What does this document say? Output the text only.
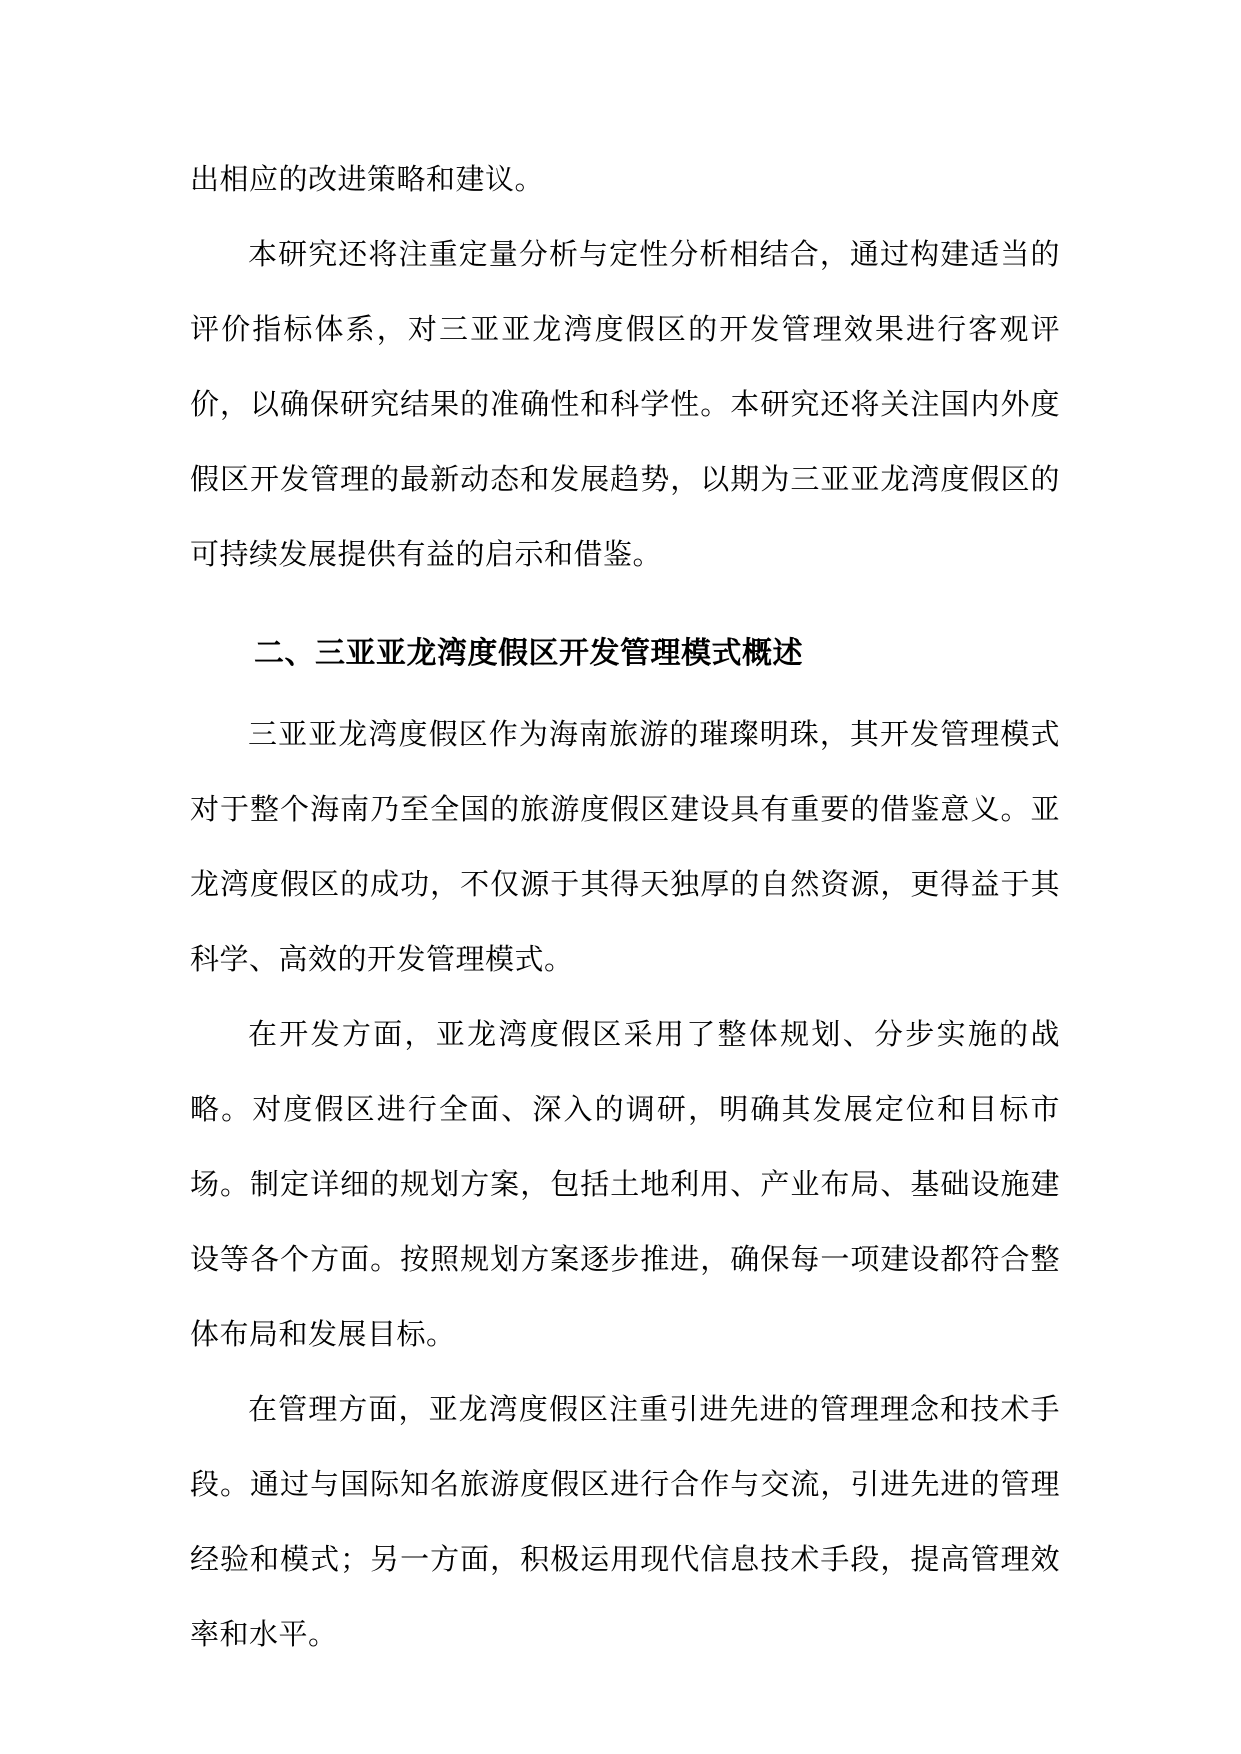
出相应的改进策略和建议。

本研究还将注重定量分析与定性分析相结合，通过构建适当的评价指标体系，对三亚亚龙湾度假区的开发管理效果进行客观评价，以确保研究结果的准确性和科学性。本研究还将关注国内外度假区开发管理的最新动态和发展趋势，以期为三亚亚龙湾度假区的可持续发展提供有益的启示和借鉴。

二、三亚亚龙湾度假区开发管理模式概述

三亚亚龙湾度假区作为海南旅游的璀璨明珠，其开发管理模式对于整个海南乃至全国的旅游度假区建设具有重要的借鉴意义。亚龙湾度假区的成功，不仅源于其得天独厚的自然资源，更得益于其科学、高效的开发管理模式。

在开发方面，亚龙湾度假区采用了整体规划、分步实施的战略。对度假区进行全面、深入的调研，明确其发展定位和目标市场。制定详细的规划方案，包括土地利用、产业布局、基础设施建设等各个方面。按照规划方案逐步推进，确保每一项建设都符合整体布局和发展目标。

在管理方面，亚龙湾度假区注重引进先进的管理理念和技术手段。通过与国际知名旅游度假区进行合作与交流，引进先进的管理经验和模式；另一方面，积极运用现代信息技术手段，提高管理效率和水平。
